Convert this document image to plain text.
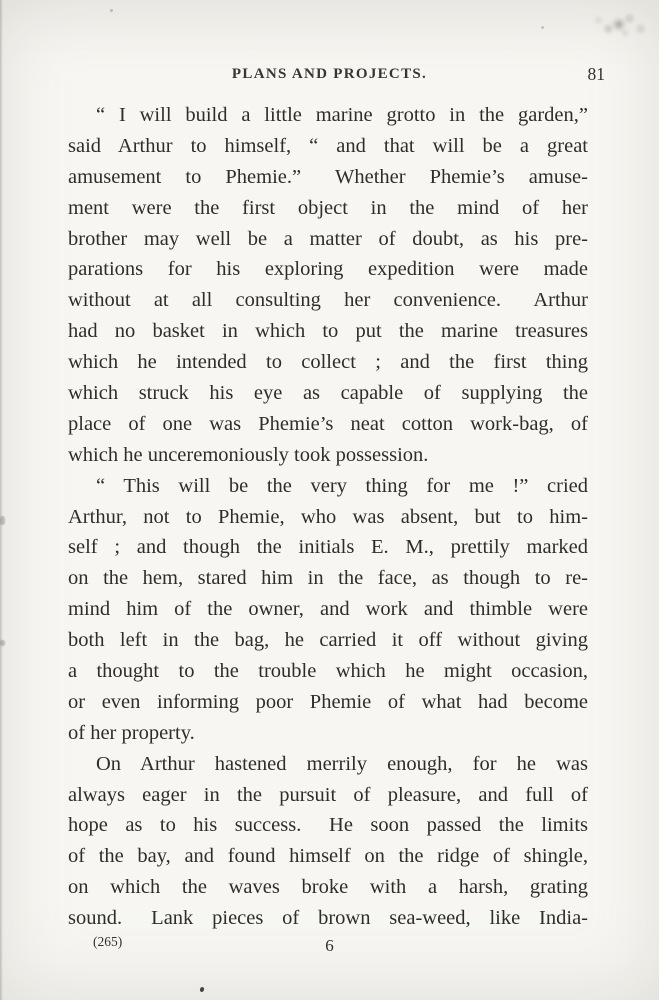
PLANS AND PROJECTS.	81
“ I will build a little marine grotto in the garden,”
said Arthur to himself, “ and that will be a great
amusement to Phemie.”  Whether Phemie’s amuse-
ment were the first object in the mind of her
brother may well be a matter of doubt, as his pre-
parations for his exploring expedition were made
without at all consulting her convenience.  Arthur
had no basket in which to put the marine treasures
which he intended to collect ; and the first thing
which struck his eye as capable of supplying the
place of one was Phemie’s neat cotton work-bag, of
which he unceremoniously took possession.
“ This will be the very thing for me !” cried
Arthur, not to Phemie, who was absent, but to him-
self ; and though the initials E. M., prettily marked
on the hem, stared him in the face, as though to re-
mind him of the owner, and work and thimble were
both left in the bag, he carried it off without giving
a thought to the trouble which he might occasion,
or even informing poor Phemie of what had become
of her property.
On Arthur hastened merrily enough, for he was
always eager in the pursuit of pleasure, and full of
hope as to his success.  He soon passed the limits
of the bay, and found himself on the ridge of shingle,
on which the waves broke with a harsh, grating
sound.  Lank pieces of brown sea-weed, like India-
(265)	6
